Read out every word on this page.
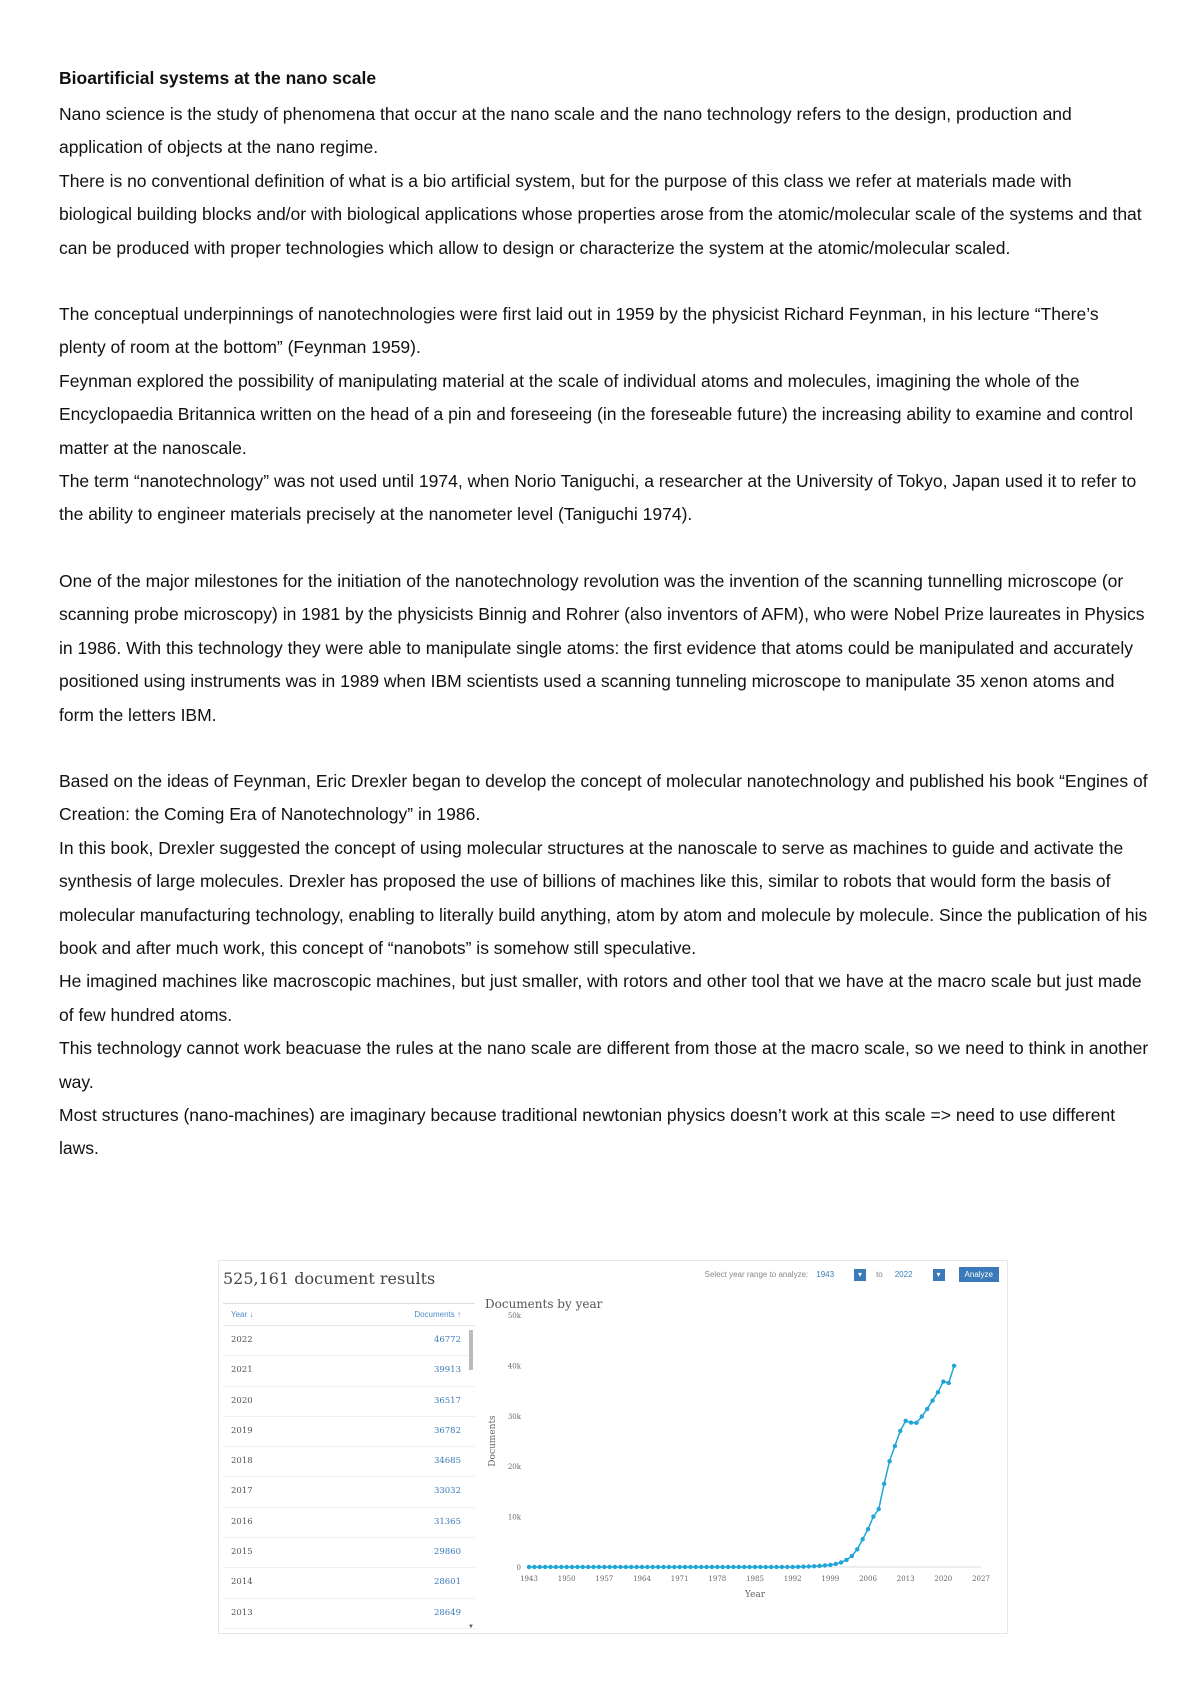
Bioartificial systems at the nano scale

Nano science is the study of phenomena that occur at the nano scale and the nano technology refers to the design, production and application of objects at the nano regime.

There is no conventional definition of what is a bio artificial system, but for the purpose of this class we refer at materials made with biological building blocks and/or with biological applications whose properties arose from the atomic/molecular scale of the systems and that can be produced with proper technologies which allow to design or characterize the system at the atomic/molecular scaled.

The conceptual underpinnings of nanotechnologies were first laid out in 1959 by the physicist Richard Feynman, in his lecture “There’s plenty of room at the bottom” (Feynman 1959).

Feynman explored the possibility of manipulating material at the scale of individual atoms and molecules, imagining the whole of the Encyclopaedia Britannica written on the head of a pin and foreseeing (in the foreseable future) the increasing ability to examine and control matter at the nanoscale.

The term “nanotechnology” was not used until 1974, when Norio Taniguchi, a researcher at the University of Tokyo, Japan used it to refer to the ability to engineer materials precisely at the nanometer level (Taniguchi 1974).

One of the major milestones for the initiation of the nanotechnology revolution was the invention of the scanning tunnelling microscope (or scanning probe microscopy) in 1981 by the physicists Binnig and Rohrer (also inventors of AFM), who were Nobel Prize laureates in Physics in 1986. With this technology they were able to manipulate single atoms: the first evidence that atoms could be manipulated and accurately positioned using instruments was in 1989 when IBM scientists used a scanning tunneling microscope to manipulate 35 xenon atoms and form the letters IBM.

Based on the ideas of Feynman, Eric Drexler began to develop the concept of molecular nanotechnology and published his book “Engines of Creation: the Coming Era of Nanotechnology” in 1986.

In this book, Drexler suggested the concept of using molecular structures at the nanoscale to serve as machines to guide and activate the synthesis of large molecules. Drexler has proposed the use of billions of machines like this, similar to robots that would form the basis of molecular manufacturing technology, enabling to literally build anything, atom by atom and molecule by molecule. Since the publication of his book and after much work, this concept of “nanobots” is somehow still speculative.

He imagined machines like macroscopic machines, but just smaller, with rotors and other tool that we have at the macro scale but just made of few hundred atoms.

This technology cannot work beacuase the rules at the nano scale are different from those at the macro scale, so we need to think in another way.

Most structures (nano-machines) are imaginary because traditional newtonian physics doesn’t work at this scale => need to use different laws.

525,161 document results	Select year range to analyze: 1943	▾	to 2022	▾	Analyze
Year ↓	Documents ↑
2022	46772
2021	39913
2020	36517
2019	36782
2018	34685
2017	33032
2016	31365
2015	29860
2014	28601
2013	28649
▼
Documents by year
0
10k
20k
30k
40k
50k
1943	1950	1957	1964	1971	1978	1985	1992	1999	2006	2013	2020	2027
Year
Documents
